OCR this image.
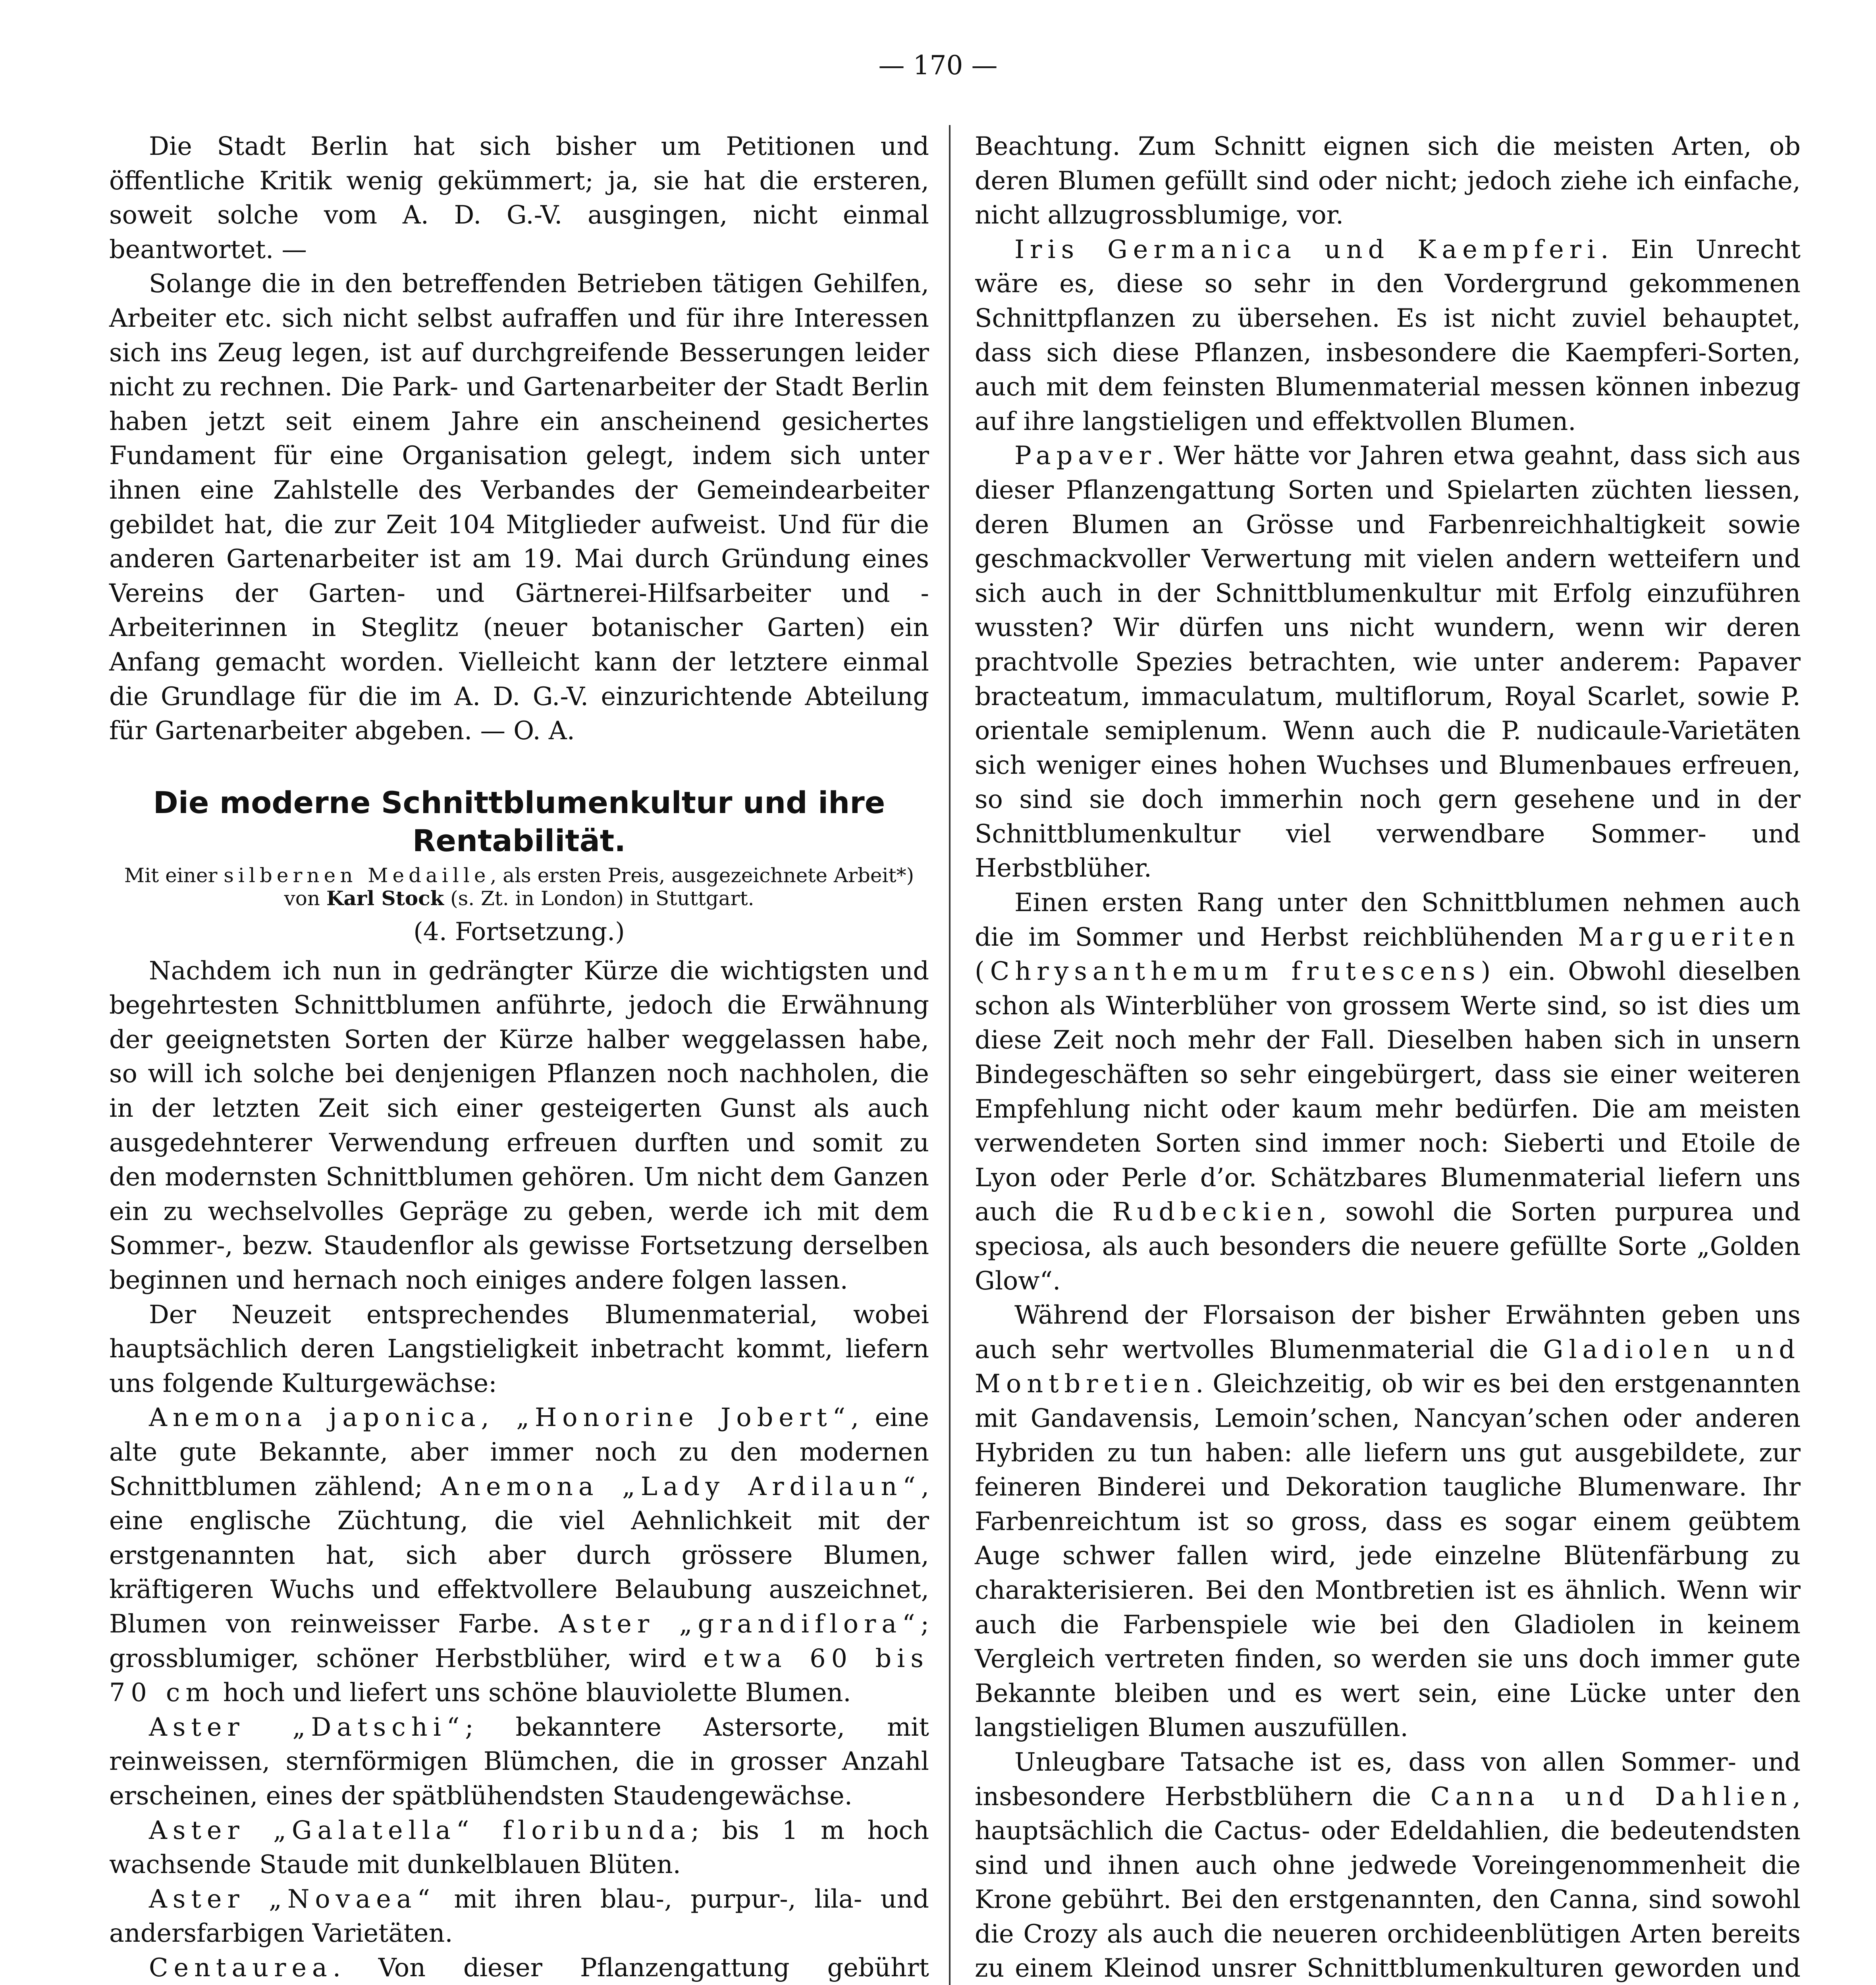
— 170 —

Die Stadt Berlin hat sich bisher um Petitionen und öffentliche Kritik wenig gekümmert; ja, sie hat die ersteren, soweit solche vom A. D. G.-V. ausgingen, nicht einmal beantwortet. —

Solange die in den betreffenden Betrieben tätigen Gehilfen, Arbeiter etc. sich nicht selbst aufraffen und für ihre Interessen sich ins Zeug legen, ist auf durchgreifende Besserungen leider nicht zu rechnen. Die Park- und Gartenarbeiter der Stadt Berlin haben jetzt seit einem Jahre ein anscheinend gesichertes Fundament für eine Organisation gelegt, indem sich unter ihnen eine Zahlstelle des Verbandes der Gemeindearbeiter gebildet hat, die zur Zeit 104 Mitglieder aufweist. Und für die anderen Gartenarbeiter ist am 19. Mai durch Gründung eines Vereins der Garten- und Gärtnerei-Hilfsarbeiter und -Arbeiterinnen in Steglitz (neuer botanischer Garten) ein Anfang gemacht worden. Vielleicht kann der letztere einmal die Grundlage für die im A. D. G.-V. einzurichtende Abteilung für Gartenarbeiter abgeben. — O. A.

Die moderne Schnittblumenkultur und ihre Rentabilität.

Mit einer silbernen Medaille, als ersten Preis, ausgezeichnete Arbeit*) von Karl Stock (s. Zt. in London) in Stuttgart.

(4. Fortsetzung.)

Nachdem ich nun in gedrängter Kürze die wichtigsten und begehrtesten Schnittblumen anführte, jedoch die Erwähnung der geeignetsten Sorten der Kürze halber weggelassen habe, so will ich solche bei denjenigen Pflanzen noch nachholen, die in der letzten Zeit sich einer gesteigerten Gunst als auch ausgedehnterer Verwendung erfreuen durften und somit zu den modernsten Schnittblumen gehören. Um nicht dem Ganzen ein zu wechselvolles Gepräge zu geben, werde ich mit dem Sommer-, bezw. Staudenflor als gewisse Fortsetzung derselben beginnen und hernach noch einiges andere folgen lassen.

Der Neuzeit entsprechendes Blumenmaterial, wobei hauptsächlich deren Langstieligkeit inbetracht kommt, liefern uns folgende Kulturgewächse:

Anemona japonica, „Honorine Jobert“, eine alte gute Bekannte, aber immer noch zu den modernen Schnittblumen zählend; Anemona „Lady Ardilaun“, eine englische Züchtung, die viel Aehnlichkeit mit der erstgenannten hat, sich aber durch grössere Blumen, kräftigeren Wuchs und effektvollere Belaubung auszeichnet, Blumen von reinweisser Farbe. Aster „grandiflora“; grossblumiger, schöner Herbstblüher, wird etwa 60 bis 70 cm hoch und liefert uns schöne blauviolette Blumen.

Aster „Datschi“; bekanntere Astersorte, mit reinweissen, sternförmigen Blümchen, die in grosser Anzahl erscheinen, eines der spätblühendsten Staudengewächse.

Aster „Galatella“ floribunda; bis 1 m hoch wachsende Staude mit dunkelblauen Blüten.

Aster „Novaea“ mit ihren blau-, purpur-, lila- und andersfarbigen Varietäten.

Centaurea. Von dieser Pflanzengattung gebührt

Beachtung. Zum Schnitt eignen sich die meisten Arten, ob deren Blumen gefüllt sind oder nicht; jedoch ziehe ich einfache, nicht allzugrossblumige, vor.

Iris Germanica und Kaempferi. Ein Unrecht wäre es, diese so sehr in den Vordergrund gekommenen Schnittpflanzen zu übersehen. Es ist nicht zuviel behauptet, dass sich diese Pflanzen, insbesondere die Kaempferi-Sorten, auch mit dem feinsten Blumenmaterial messen können inbezug auf ihre langstieligen und effektvollen Blumen.

Papaver. Wer hätte vor Jahren etwa geahnt, dass sich aus dieser Pflanzengattung Sorten und Spielarten züchten liessen, deren Blumen an Grösse und Farbenreichhaltigkeit sowie geschmackvoller Verwertung mit vielen andern wetteifern und sich auch in der Schnittblumenkultur mit Erfolg einzuführen wussten? Wir dürfen uns nicht wundern, wenn wir deren prachtvolle Spezies betrachten, wie unter anderem: Papaver bracteatum, immaculatum, multiflorum, Royal Scarlet, sowie P. orientale semiplenum. Wenn auch die P. nudicaule-Varietäten sich weniger eines hohen Wuchses und Blumenbaues erfreuen, so sind sie doch immerhin noch gern gesehene und in der Schnittblumenkultur viel verwendbare Sommer- und Herbstblüher.

Einen ersten Rang unter den Schnittblumen nehmen auch die im Sommer und Herbst reichblühenden Margueriten (Chrysanthemum frutescens) ein. Obwohl dieselben schon als Winterblüher von grossem Werte sind, so ist dies um diese Zeit noch mehr der Fall. Dieselben haben sich in unsern Bindegeschäften so sehr eingebürgert, dass sie einer weiteren Empfehlung nicht oder kaum mehr bedürfen. Die am meisten verwendeten Sorten sind immer noch: Sieberti und Etoile de Lyon oder Perle d’or. Schätzbares Blumenmaterial liefern uns auch die Rudbeckien, sowohl die Sorten purpurea und speciosa, als auch besonders die neuere gefüllte Sorte „Golden Glow“.

Während der Florsaison der bisher Erwähnten geben uns auch sehr wertvolles Blumenmaterial die Gladiolen und Montbretien. Gleichzeitig, ob wir es bei den erstgenannten mit Gandavensis, Lemoin’schen, Nancyan’schen oder anderen Hybriden zu tun haben: alle liefern uns gut ausgebildete, zur feineren Binderei und Dekoration taugliche Blumenware. Ihr Farbenreichtum ist so gross, dass es sogar einem geübtem Auge schwer fallen wird, jede einzelne Blütenfärbung zu charakterisieren. Bei den Montbretien ist es ähnlich. Wenn wir auch die Farbenspiele wie bei den Gladiolen in keinem Vergleich vertreten finden, so werden sie uns doch immer gute Bekannte bleiben und es wert sein, eine Lücke unter den langstieligen Blumen auszufüllen.

Unleugbare Tatsache ist es, dass von allen Sommer- und insbesondere Herbstblühern die Canna und Dahlien, hauptsächlich die Cactus- oder Edeldahlien, die bedeutendsten sind und ihnen auch ohne jedwede Voreingenommenheit die Krone gebührt. Bei den erstgenannten, den Canna, sind sowohl die Crozy als auch die neueren orchideenblütigen Arten bereits zu einem Kleinod unsrer Schnittblumenkulturen geworden und
